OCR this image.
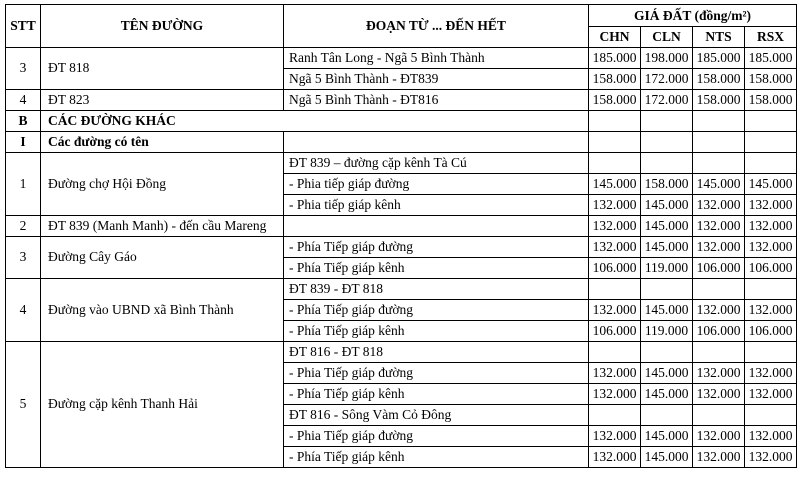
STT	TÊN ĐƯỜNG	ĐOẠN TỪ ... ĐẾN HẾT	GIÁ ĐẤT (đồng/m²)			
			CHN	CLN	NTS	RSX
3	ĐT 818	Ranh Tân Long - Ngã 5 Bình Thành	185.000	198.000	185.000	185.000
		Ngã 5 Bình Thành - ĐT839	158.000	172.000	158.000	158.000
4	ĐT 823	Ngã 5 Bình Thành - ĐT816	158.000	172.000	158.000	158.000
B	CÁC ĐƯỜNG KHÁC					
I	Các đường có tên					
1	Đường chợ Hội Đồng	ĐT 839 – đường cặp kênh Tà Cú				
		- Phia tiếp giáp đường	145.000	158.000	145.000	145.000
		- Phia tiếp giáp kênh	132.000	145.000	132.000	132.000
2	ĐT 839 (Manh Manh) - đến cầu Mareng		132.000	145.000	132.000	132.000
3	Đường Cây Gáo	- Phía Tiếp giáp đường	132.000	145.000	132.000	132.000
		- Phía Tiếp giáp kênh	106.000	119.000	106.000	106.000
4	Đường vào UBND xã Bình Thành	ĐT 839 - ĐT 818				
		- Phía Tiếp giáp đường	132.000	145.000	132.000	132.000
		- Phía Tiếp giáp kênh	106.000	119.000	106.000	106.000
5	Đường cặp kênh Thanh Hải	ĐT 816 - ĐT 818				
		- Phia Tiếp giáp đường	132.000	145.000	132.000	132.000
		- Phía Tiếp giáp kênh	132.000	145.000	132.000	132.000
		ĐT 816 - Sông Vàm Cỏ Đông				
		- Phia Tiếp giáp đường	132.000	145.000	132.000	132.000
		- Phía Tiếp giáp kênh	132.000	145.000	132.000	132.000
